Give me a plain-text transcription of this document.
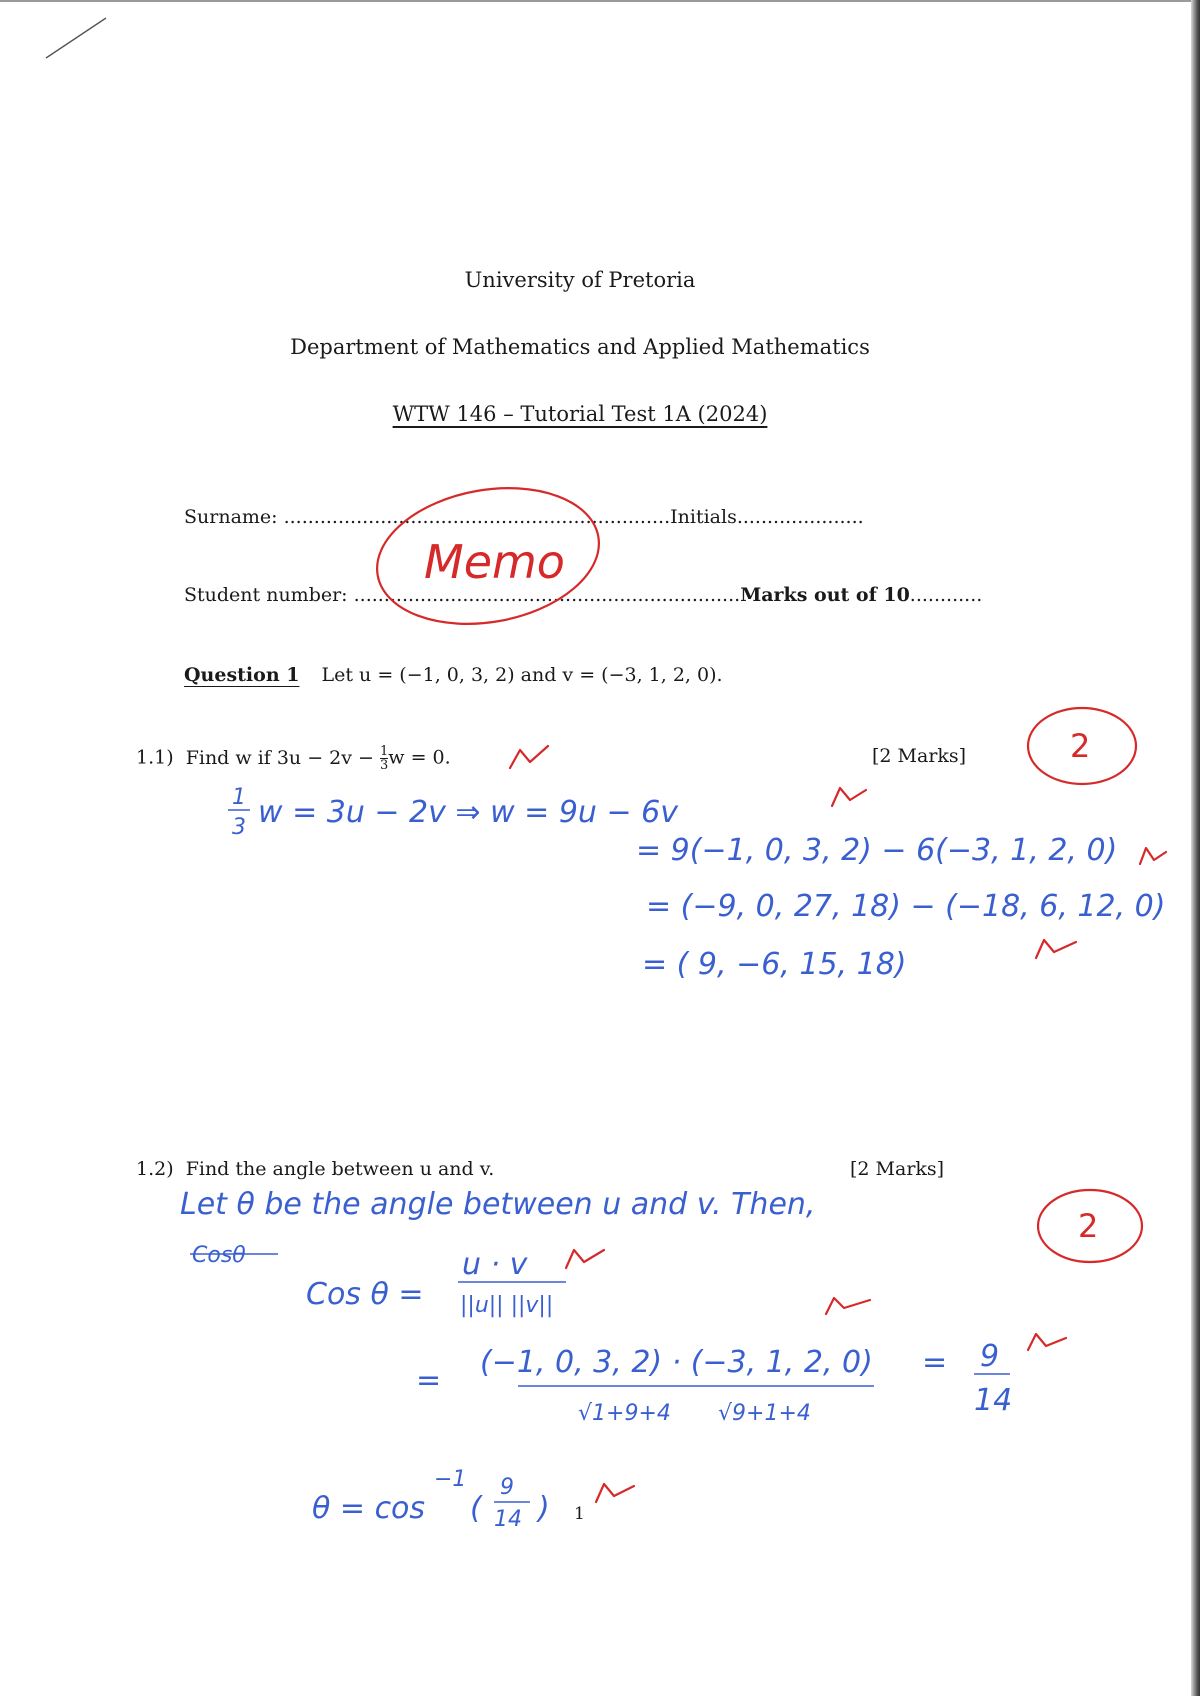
University of Pretoria
Department of Mathematics and Applied Mathematics
WTW 146 – Tutorial Test 1A (2024)
Surname: ................................................................Initials.....................
Student number: ................................................................Marks out of 10............
Question 1 Let u = (−1, 0, 3, 2) and v = (−3, 1, 2, 0).
1.1) Find w if $3u - 2v - \frac{1}{3}$ w = 0.	[2 Marks]
1.2) Find the angle between u and v.	[2 Marks]
Memo
2
1
3 w = 3u − 2v ⇒ w = 9u − 6v
= 9(−1, 0, 3, 2) − 6(−3, 1, 2, 0)
= (−9, 0, 27, 18) − (−18, 6, 12, 0)
= ( 9, −6, 15, 18)
2
Let θ be the angle between u and v. Then,
Cosθ
Cos θ =
u · v
||u|| ||v||
=
(−1, 0, 3, 2) · (−3, 1, 2, 0)
√1+9+4 √9+1+4
= 9
14
θ = cos
−1
(
9
14 ) 1
